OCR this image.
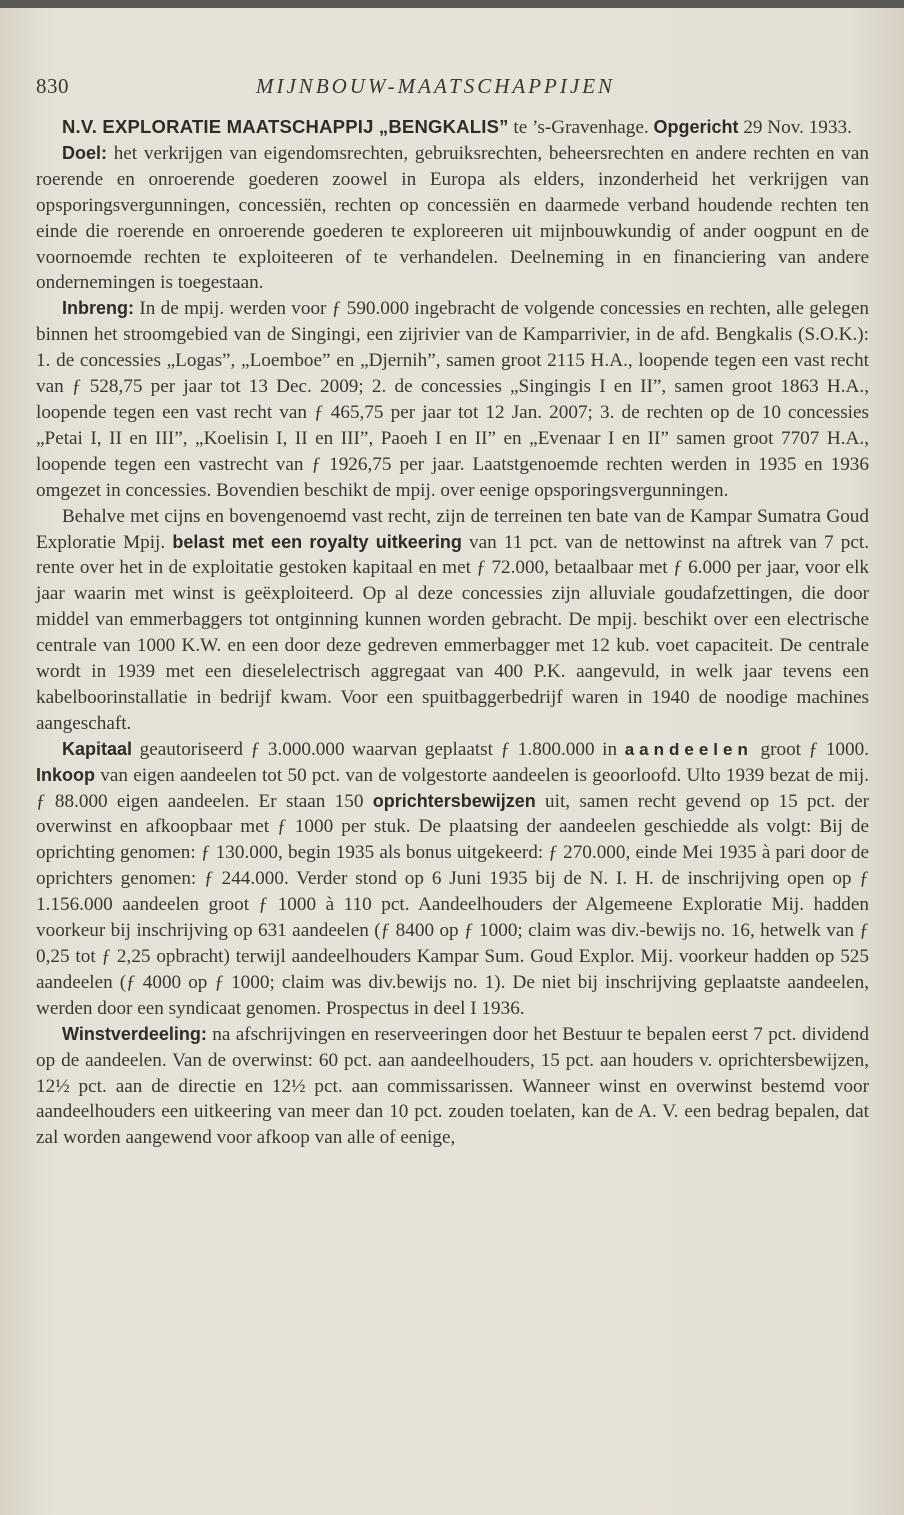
830	MIJNBOUW-MAATSCHAPPIJEN

N.V. EXPLORATIE MAATSCHAPPIJ „BENGKALIS” te ’s-Gravenhage. Opgericht 29 Nov. 1933.

Doel: het verkrijgen van eigendomsrechten, gebruiksrechten, beheersrechten en andere rechten en van roerende en onroerende goederen zoowel in Europa als elders, inzonderheid het verkrijgen van opsporingsvergunningen, concessiën, rechten op concessiën en daarmede verband houdende rechten ten einde die roerende en onroerende goederen te exploreeren uit mijnbouwkundig of ander oogpunt en de voornoemde rechten te exploiteeren of te verhandelen. Deelneming in en financiering van andere ondernemingen is toegestaan.

Inbreng: In de mpij. werden voor ƒ 590.000 ingebracht de volgende concessies en rechten, alle gelegen binnen het stroomgebied van de Singingi, een zijrivier van de Kamparrivier, in de afd. Bengkalis (S.O.K.): 1. de concessies „Logas”, „Loemboe” en „Djernih”, samen groot 2115 H.A., loopende tegen een vast recht van ƒ 528,75 per jaar tot 13 Dec. 2009; 2. de concessies „Singingis I en II”, samen groot 1863 H.A., loopende tegen een vast recht van ƒ 465,75 per jaar tot 12 Jan. 2007; 3. de rechten op de 10 concessies „Petai I, II en III”, „Koelisin I, II en III”, Paoeh I en II” en „Evenaar I en II” samen groot 7707 H.A., loopende tegen een vastrecht van ƒ 1926,75 per jaar. Laatstgenoemde rechten werden in 1935 en 1936 omgezet in concessies. Bovendien beschikt de mpij. over eenige opsporingsvergunningen.

Behalve met cijns en bovengenoemd vast recht, zijn de terreinen ten bate van de Kampar Sumatra Goud Exploratie Mpij. belast met een royalty uitkeering van 11 pct. van de nettowinst na aftrek van 7 pct. rente over het in de exploitatie gestoken kapitaal en met ƒ 72.000, betaalbaar met ƒ 6.000 per jaar, voor elk jaar waarin met winst is geëxploiteerd. Op al deze concessies zijn alluviale goudafzettingen, die door middel van emmerbaggers tot ontginning kunnen worden gebracht. De mpij. beschikt over een electrische centrale van 1000 K.W. en een door deze gedreven emmerbagger met 12 kub. voet capaciteit. De centrale wordt in 1939 met een dieselelectrisch aggregaat van 400 P.K. aangevuld, in welk jaar tevens een kabelboorinstallatie in bedrijf kwam. Voor een spuitbaggerbedrijf waren in 1940 de noodige machines aangeschaft.

Kapitaal geautoriseerd ƒ 3.000.000 waarvan geplaatst ƒ 1.800.000 in aandeelen groot ƒ 1000. Inkoop van eigen aandeelen tot 50 pct. van de volgestorte aandeelen is geoorloofd. Ulto 1939 bezat de mij. ƒ 88.000 eigen aandeelen. Er staan 150 oprichtersbewijzen uit, samen recht gevend op 15 pct. der overwinst en afkoopbaar met ƒ 1000 per stuk. De plaatsing der aandeelen geschiedde als volgt: Bij de oprichting genomen: ƒ 130.000, begin 1935 als bonus uitgekeerd: ƒ 270.000, einde Mei 1935 à pari door de oprichters genomen: ƒ 244.000. Verder stond op 6 Juni 1935 bij de N. I. H. de inschrijving open op ƒ 1.156.000 aandeelen groot ƒ 1000 à 110 pct. Aandeelhouders der Algemeene Exploratie Mij. hadden voorkeur bij inschrijving op 631 aandeelen (ƒ 8400 op ƒ 1000; claim was div.-bewijs no. 16, hetwelk van ƒ 0,25 tot ƒ 2,25 opbracht) terwijl aandeelhouders Kampar Sum. Goud Explor. Mij. voorkeur hadden op 525 aandeelen (ƒ 4000 op ƒ 1000; claim was div.bewijs no. 1). De niet bij inschrijving geplaatste aandeelen, werden door een syndicaat genomen. Prospectus in deel I 1936.

Winstverdeeling: na afschrijvingen en reserveeringen door het Bestuur te bepalen eerst 7 pct. dividend op de aandeelen. Van de overwinst: 60 pct. aan aandeelhouders, 15 pct. aan houders v. oprichtersbewijzen, 12½ pct. aan de directie en 12½ pct. aan commissarissen. Wanneer winst en overwinst bestemd voor aandeelhouders een uitkeering van meer dan 10 pct. zouden toelaten, kan de A. V. een bedrag bepalen, dat zal worden aangewend voor afkoop van alle of eenige,
